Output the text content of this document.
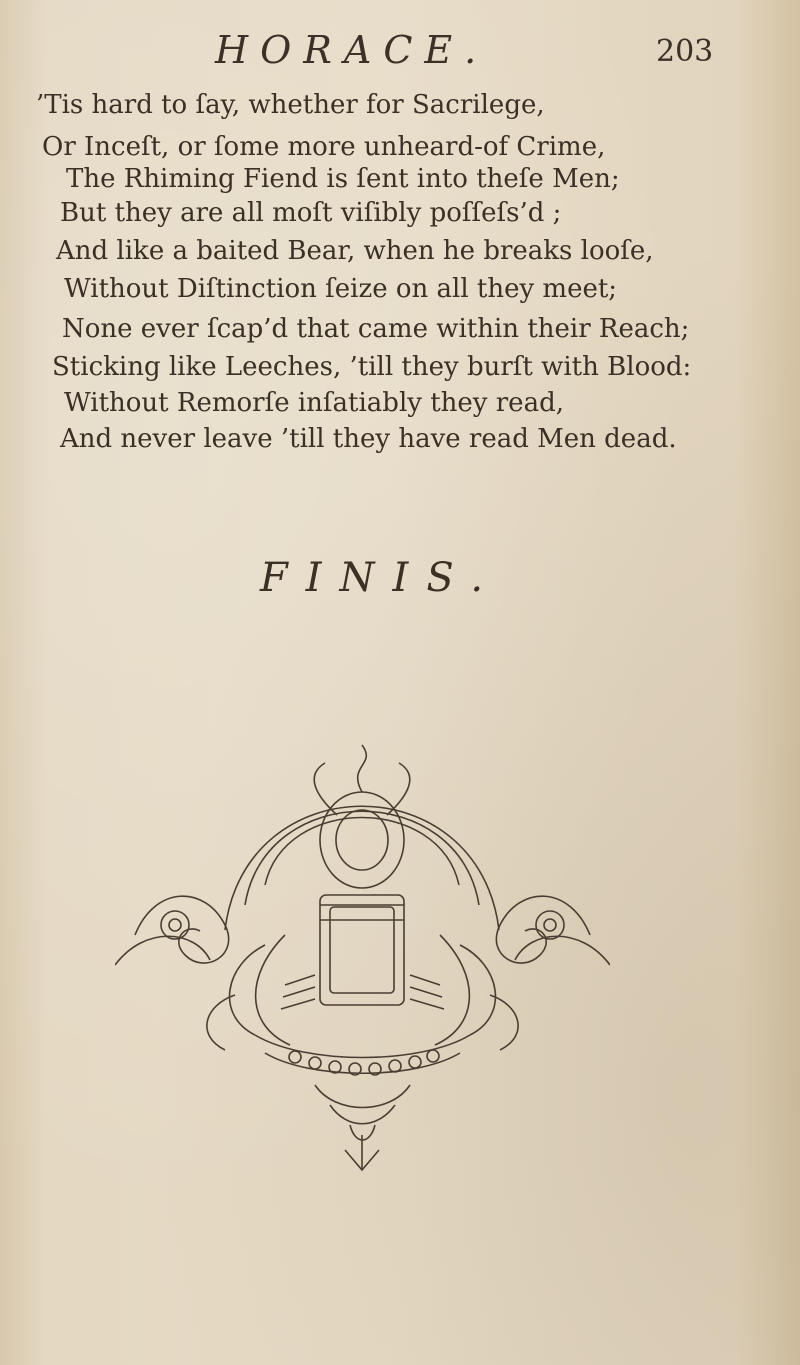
HORACE.	203
’Tis hard to ſay, whether for Sacrilege,
Or Inceſt, or ſome more unheard-of Crime,
The Rhiming Fiend is ſent into theſe Men;
But they are all moſt viſibly poſſeſs’d ;
And like a baited Bear, when he breaks looſe,
Without Diſtinction ſeize on all they meet;
None ever ſcap’d that came within their Reach;
Sticking like Leeches, ’till they burſt with Blood:
Without Remorſe inſatiably they read,
And never leave ’till they have read Men dead.
FINIS.
